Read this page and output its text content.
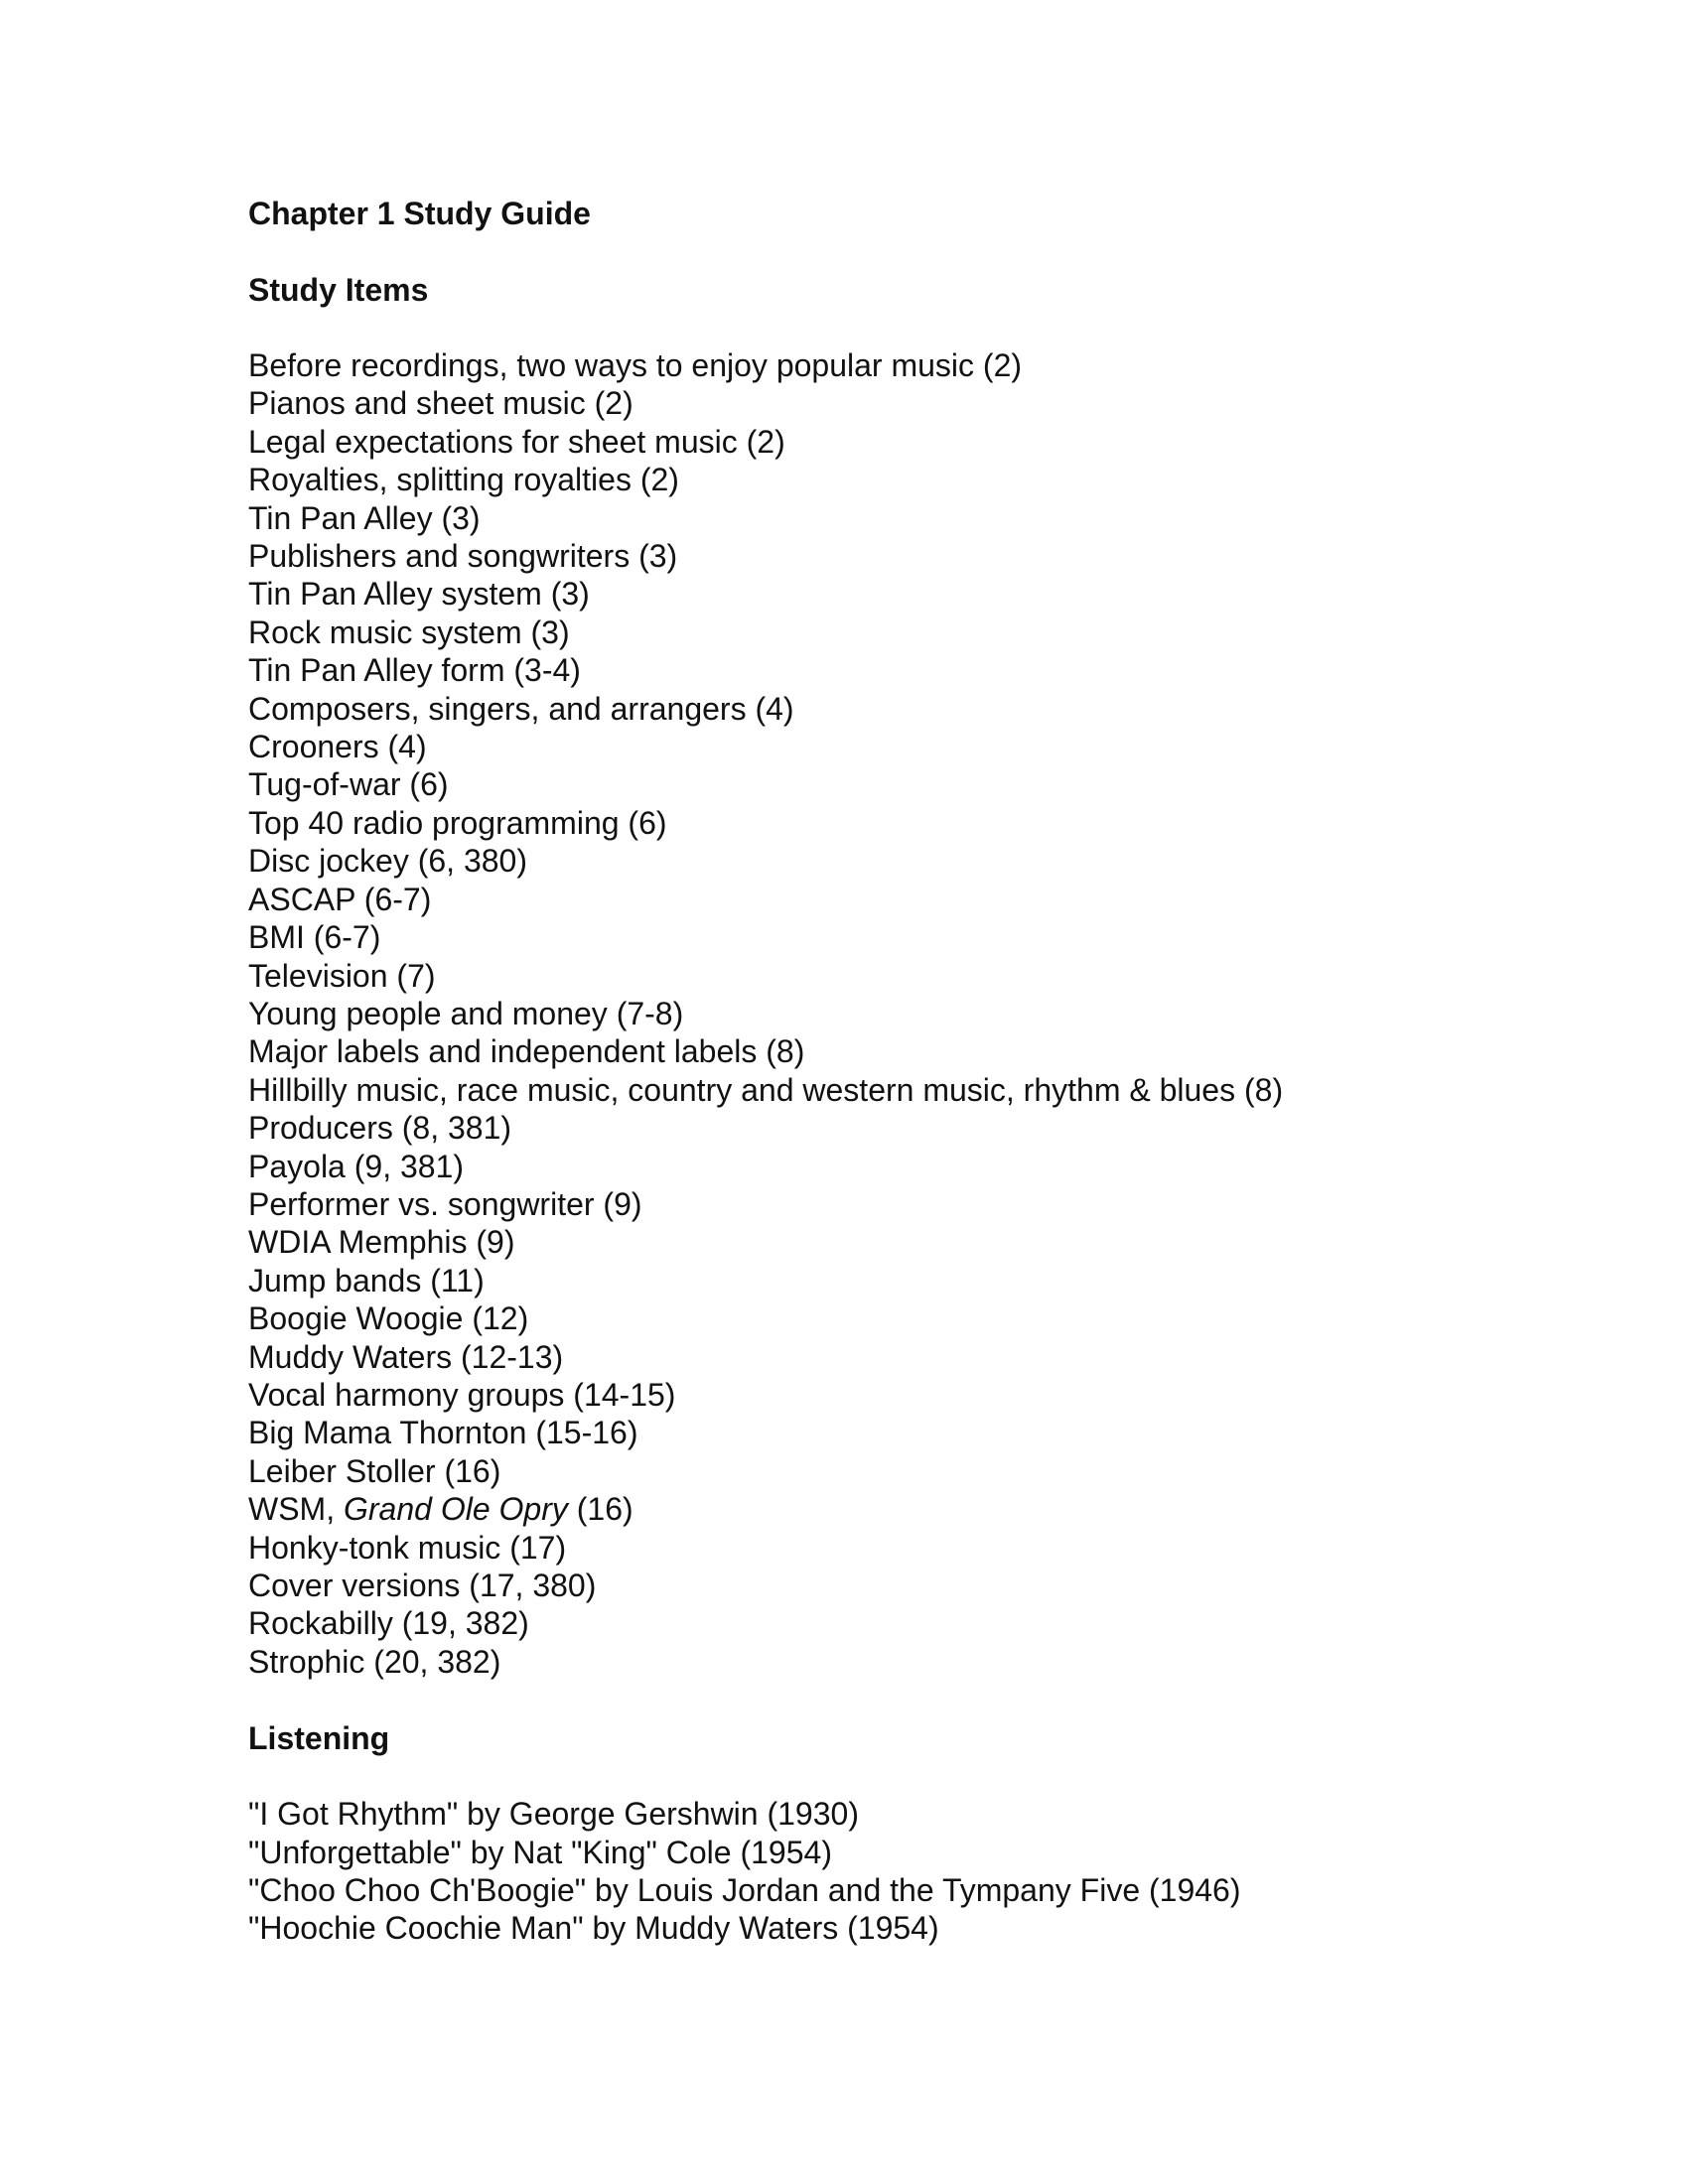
Chapter 1 Study Guide
Study Items
Before recordings, two ways to enjoy popular music (2)
Pianos and sheet music (2)
Legal expectations for sheet music (2)
Royalties, splitting royalties (2)
Tin Pan Alley (3)
Publishers and songwriters (3)
Tin Pan Alley system (3)
Rock music system (3)
Tin Pan Alley form (3-4)
Composers, singers, and arrangers (4)
Crooners (4)
Tug-of-war (6)
Top 40 radio programming (6)
Disc jockey (6, 380)
ASCAP (6-7)
BMI (6-7)
Television (7)
Young people and money (7-8)
Major labels and independent labels (8)
Hillbilly music, race music, country and western music, rhythm & blues (8)
Producers (8, 381)
Payola (9, 381)
Performer vs. songwriter (9)
WDIA Memphis (9)
Jump bands (11)
Boogie Woogie (12)
Muddy Waters (12-13)
Vocal harmony groups (14-15)
Big Mama Thornton (15-16)
Leiber Stoller (16)
WSM, Grand Ole Opry (16)
Honky-tonk music (17)
Cover versions (17, 380)
Rockabilly (19, 382)
Strophic (20, 382)
Listening
"I Got Rhythm" by George Gershwin (1930)
"Unforgettable" by Nat "King" Cole (1954)
"Choo Choo Ch'Boogie" by Louis Jordan and the Tympany Five (1946)
"Hoochie Coochie Man" by Muddy Waters (1954)
